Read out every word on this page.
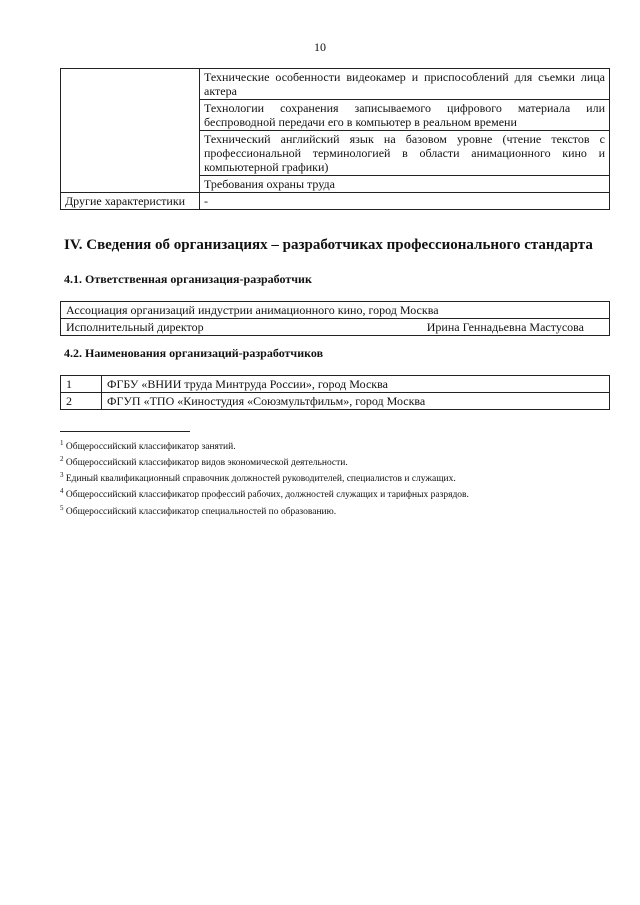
10
	Технические особенности видеокамер и приспособлений для съемки лица актера
	Технологии сохранения записываемого цифрового материала или беспроводной передачи его в компьютер в реальном времени
	Технический английский язык на базовом уровне (чтение текстов с профессиональной терминологией в области анимационного кино и компьютерной графики)
	Требования охраны труда
Другие характеристики	-
IV. Сведения об организациях – разработчиках профессионального стандарта
4.1. Ответственная организация-разработчик
Ассоциация организаций индустрии анимационного кино, город Москва

Исполнительный директор	Ирина Геннадьевна Мастусова
4.2. Наименования организаций-разработчиков
1	ФГБУ «ВНИИ труда Минтруда России», город Москва
2	ФГУП «ТПО «Киностудия «Союзмультфильм», город Москва
$^1$ Общероссийский классификатор занятий.
$^2$ Общероссийский классификатор видов экономической деятельности.
$^3$ Единый квалификационный справочник должностей руководителей, специалистов и служащих.
$^4$ Общероссийский классификатор профессий рабочих, должностей служащих и тарифных разрядов.
$^5$ Общероссийский классификатор специальностей по образованию.
